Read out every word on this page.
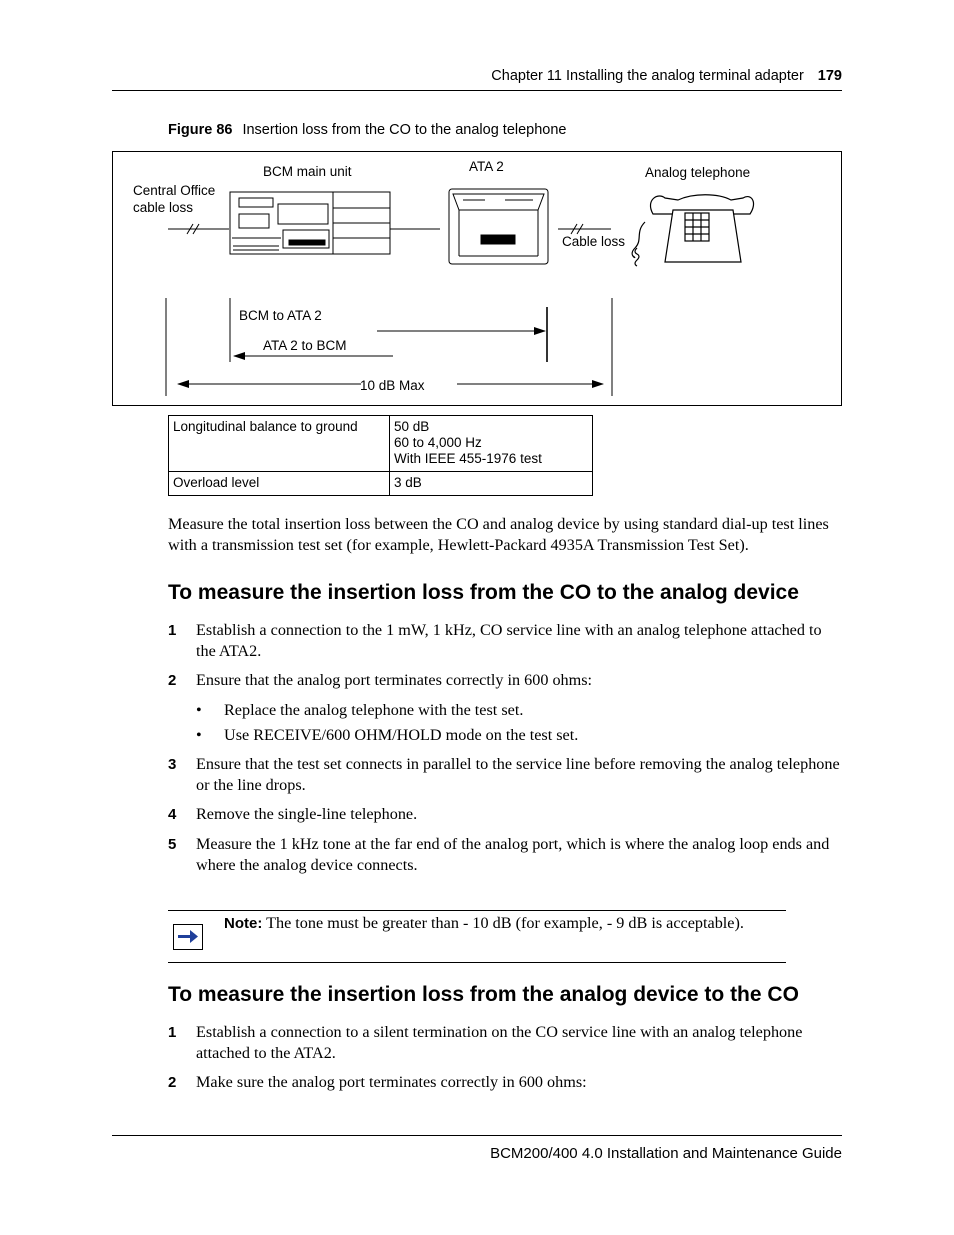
Chapter 11 Installing the analog terminal adapter 179
Figure 86 Insertion loss from the CO to the analog telephone
BCM main unit	ATA 2	Analog telephone
Central Office
cable loss
Cable loss
BCM to ATA 2
ATA 2 to BCM
10 dB Max
Longitudinal balance to ground	50 dB
60 to 4,000 Hz
With IEEE 455-1976 test

Overload level	3 dB

Measure the total insertion loss between the CO and analog device by using standard dial-up test lines with a transmission test set (for example, Hewlett-Packard 4935A Transmission Test Set).

To measure the insertion loss from the CO to the analog device
1 Establish a connection to the 1 mW, 1 kHz, CO service line with an analog telephone attached to the ATA2.
2 Ensure that the analog port terminates correctly in 600 ohms:
• Replace the analog telephone with the test set.
• Use RECEIVE/600 OHM/HOLD mode on the test set.
3 Ensure that the test set connects in parallel to the service line before removing the analog telephone or the line drops.
4 Remove the single-line telephone.
5 Measure the 1 kHz tone at the far end of the analog port, which is where the analog loop ends and where the analog device connects.
Note: The tone must be greater than - 10 dB (for example, - 9 dB is acceptable).
To measure the insertion loss from the analog device to the CO
1 Establish a connection to a silent termination on the CO service line with an analog telephone attached to the ATA2.
2 Make sure the analog port terminates correctly in 600 ohms:
BCM200/400 4.0 Installation and Maintenance Guide
